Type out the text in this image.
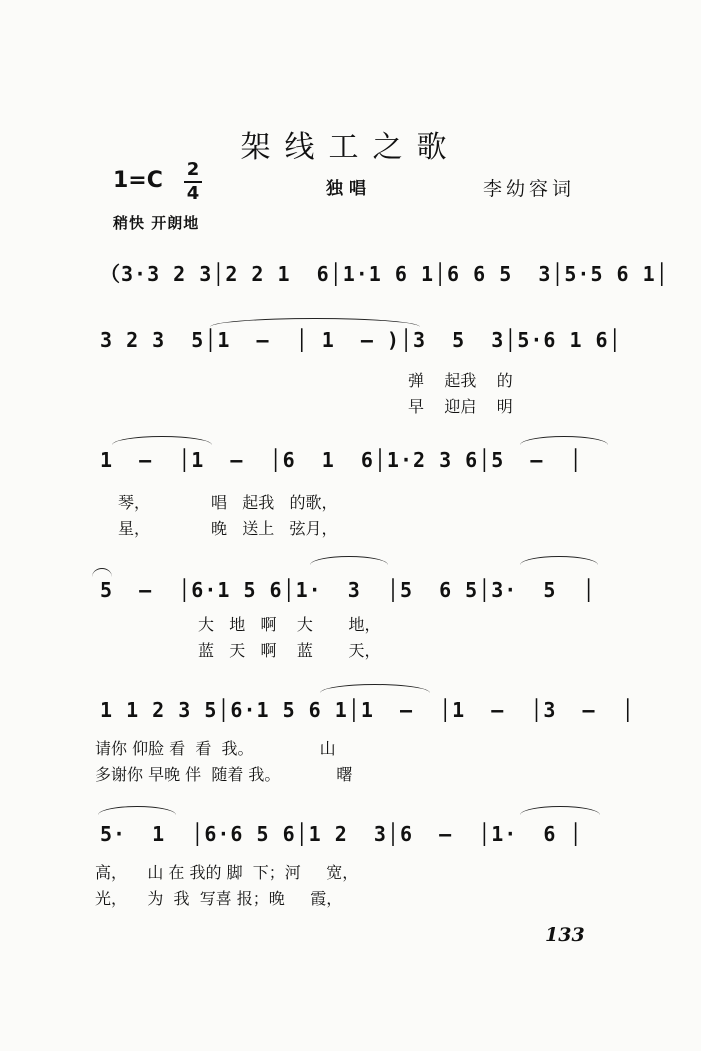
架线工之歌
1=C 2
4	独唱	李幼容词
稍快 开朗地
（3·3 2 3│2 2 1  6│1·1 6 1│6 6 5  3│5·5 6 1│
3 2 3  5│1  —  │ 1  — )│3  5  3│5·6 1 6│
弹    起我    的
早    迎启    明
1  —  │1  —  │6  1  6│1·2 3 6│5  —  │
琴，            唱   起我   的歌，
星，            晚   送上   弦月，
5  —  │6·1 5 6│1·  3  │5  6 5│3·  5  │
大   地   啊    大       地，
蓝   天   啊    蓝       天，
1 1 2 3 5│6·1 5 6 1│1  —  │1  —  │3  —  │
请你 仰脸 看  看  我。             山
多谢你 早晚 伴  随着 我。           曙
5·  1  │6·6 5 6│1 2  3│6  —  │1·  6 │
高，    山 在 我的 脚  下；河     宽，
光，    为  我  写喜 报；晚     霞，
133
